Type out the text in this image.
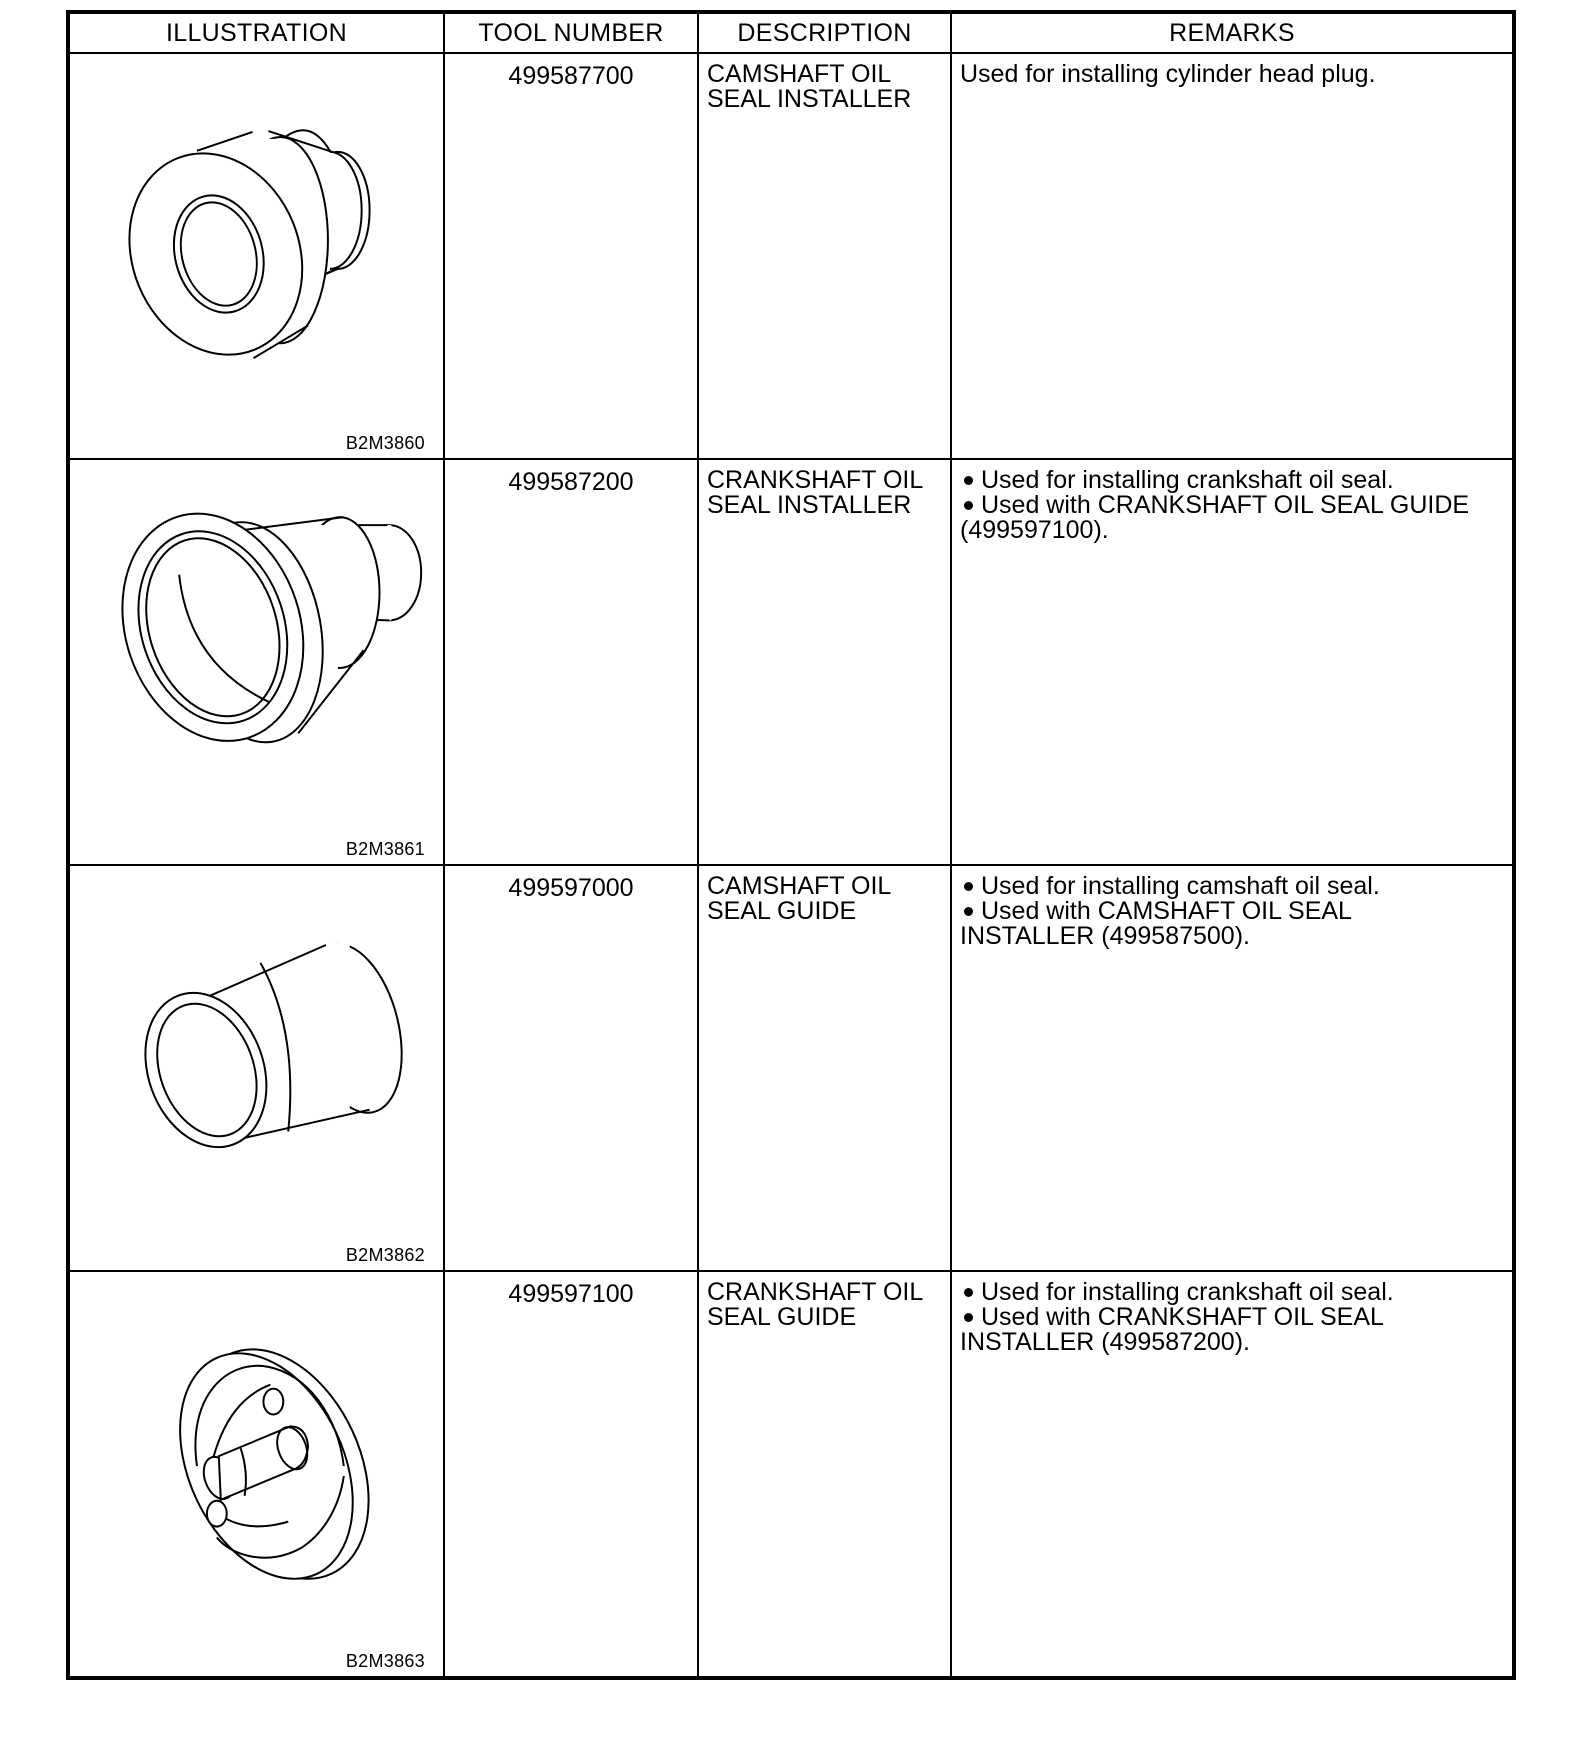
ILLUSTRATION	TOOL NUMBER	DESCRIPTION	REMARKS

B2M3860	499587700	CAMSHAFT OIL
SEAL INSTALLER	Used for installing cylinder head plug.

B2M3861	499587200	CRANKSHAFT OIL
SEAL INSTALLER	Used for installing crankshaft oil seal.
Used with CRANKSHAFT OIL SEAL GUIDE
(499597100).

B2M3862	499597000	CAMSHAFT OIL
SEAL GUIDE	Used for installing camshaft oil seal.
Used with CAMSHAFT OIL SEAL
INSTALLER (499587500).

B2M3863	499597100	CRANKSHAFT OIL
SEAL GUIDE	Used for installing crankshaft oil seal.
Used with CRANKSHAFT OIL SEAL
INSTALLER (499587200).
